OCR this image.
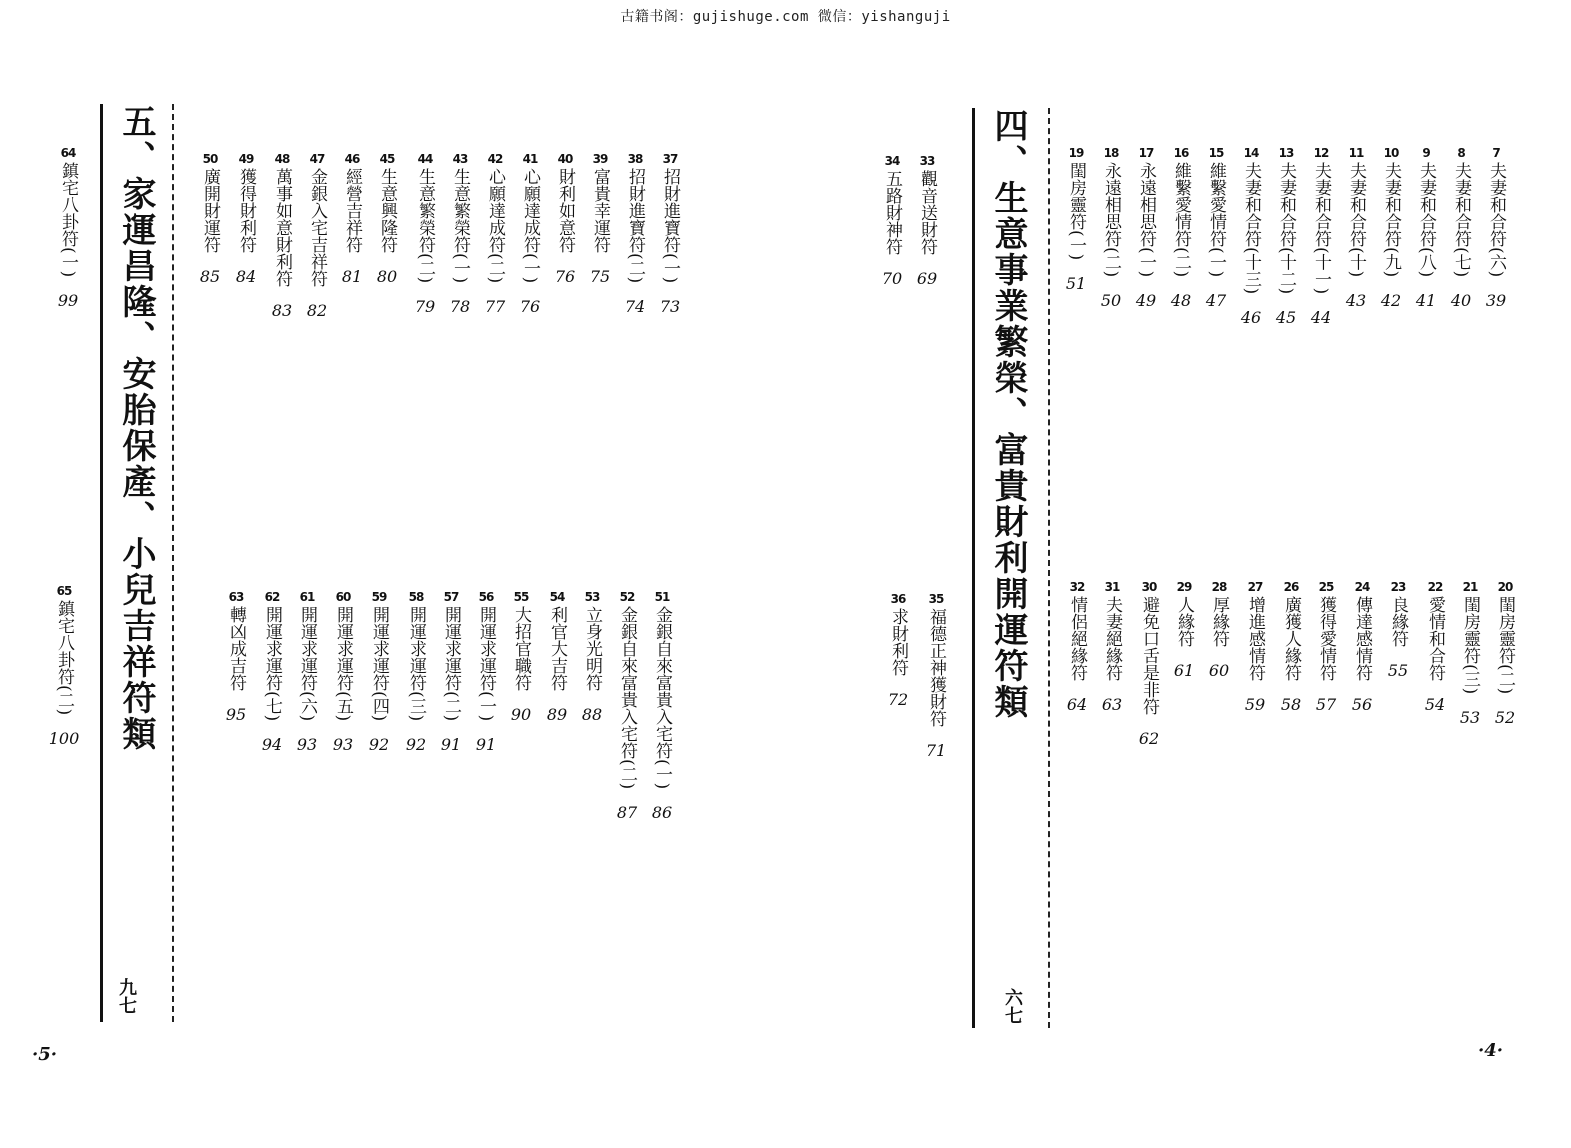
古籍书阁：gujishuge.com 微信：yishanguji
四、生意事業繁榮、富貴財利開運符類
六七
·4·
7
夫妻和合符(六)
39
8
夫妻和合符(七)
40
9
夫妻和合符(八)
41
10
夫妻和合符(九)
42
11
夫妻和合符(十)
43
12
夫妻和合符(十一)
44
13
夫妻和合符(十二)
45
14
夫妻和合符(十三)
46
15
維繫愛情符(一)
47
16
維繫愛情符(二)
48
17
永遠相思符(一)
49
18
永遠相思符(二)
50
19
閨房靈符(一)
51
33
觀音送財符
69
34
五路財神符
70
20
閨房靈符(二)
52
21
閨房靈符(三)
53
22
愛情和合符
54
23
良緣符
55
24
傳達感情符
56
25
獲得愛情符
57
26
廣獲人緣符
58
27
增進感情符
59
28
厚緣符
60
29
人緣符
61
30
避免口舌是非符
62
31
夫妻絕緣符
63
32
情侶絕緣符
64
35
福德正神獲財符
71
36
求財利符
72
五、家運昌隆、安胎保產、小兒吉祥符類
九七
·5·
64
鎮宅八卦符(一)
99
65
鎮宅八卦符(二)
100
37
招財進寶符(一)
73
38
招財進寶符(二)
74
39
富貴幸運符
75
40
財利如意符
76
41
心願達成符(一)
76
42
心願達成符(二)
77
43
生意繁榮符(一)
78
44
生意繁榮符(二)
79
45
生意興隆符
80
46
經營吉祥符
81
47
金銀入宅吉祥符
82
48
萬事如意財利符
83
49
獲得財利符
84
50
廣開財運符
85
51
金銀自來富貴入宅符(一)
86
52
金銀自來富貴入宅符(二)
87
53
立身光明符
88
54
利官大吉符
89
55
大招官職符
90
56
開運求運符(一)
91
57
開運求運符(二)
91
58
開運求運符(三)
92
59
開運求運符(四)
92
60
開運求運符(五)
93
61
開運求運符(六)
93
62
開運求運符(七)
94
63
轉凶成吉符
95
